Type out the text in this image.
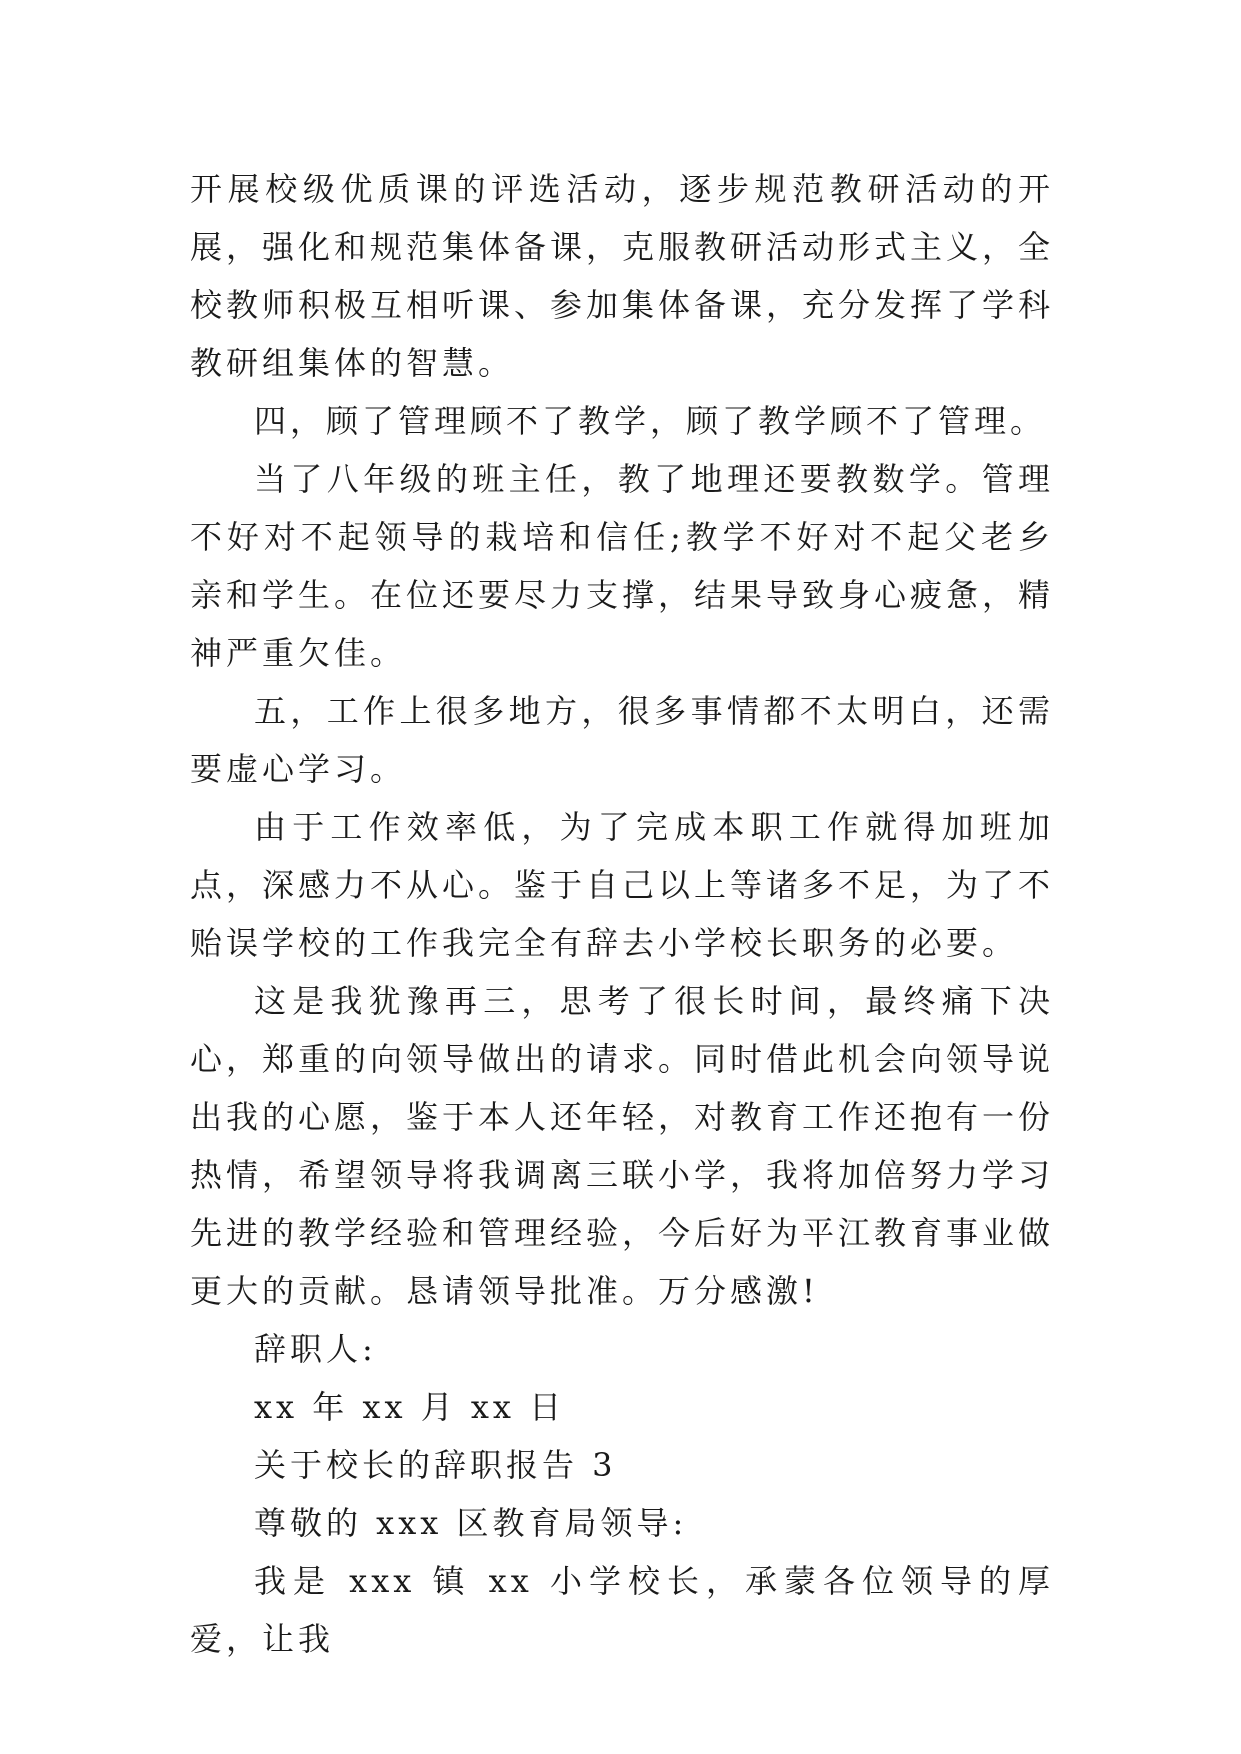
开展校级优质课的评选活动，逐步规范教研活动的开展，强化和规范集体备课，克服教研活动形式主义，全校教师积极互相听课、参加集体备课，充分发挥了学科教研组集体的智慧。

四，顾了管理顾不了教学，顾了教学顾不了管理。

当了八年级的班主任，教了地理还要教数学。管理不好对不起领导的栽培和信任;教学不好对不起父老乡亲和学生。在位还要尽力支撑，结果导致身心疲惫，精神严重欠佳。

五，工作上很多地方，很多事情都不太明白，还需要虚心学习。

由于工作效率低，为了完成本职工作就得加班加点，深感力不从心。鉴于自己以上等诸多不足，为了不贻误学校的工作我完全有辞去小学校长职务的必要。

这是我犹豫再三，思考了很长时间，最终痛下决心，郑重的向领导做出的请求。同时借此机会向领导说出我的心愿，鉴于本人还年轻，对教育工作还抱有一份热情，希望领导将我调离三联小学，我将加倍努力学习先进的教学经验和管理经验，今后好为平江教育事业做更大的贡献。恳请领导批准。万分感激!

辞职人:

xx 年 xx 月 xx 日

关于校长的辞职报告 3

尊敬的 xxx 区教育局领导:

我是 xxx 镇 xx 小学校长，承蒙各位领导的厚爱，让我
